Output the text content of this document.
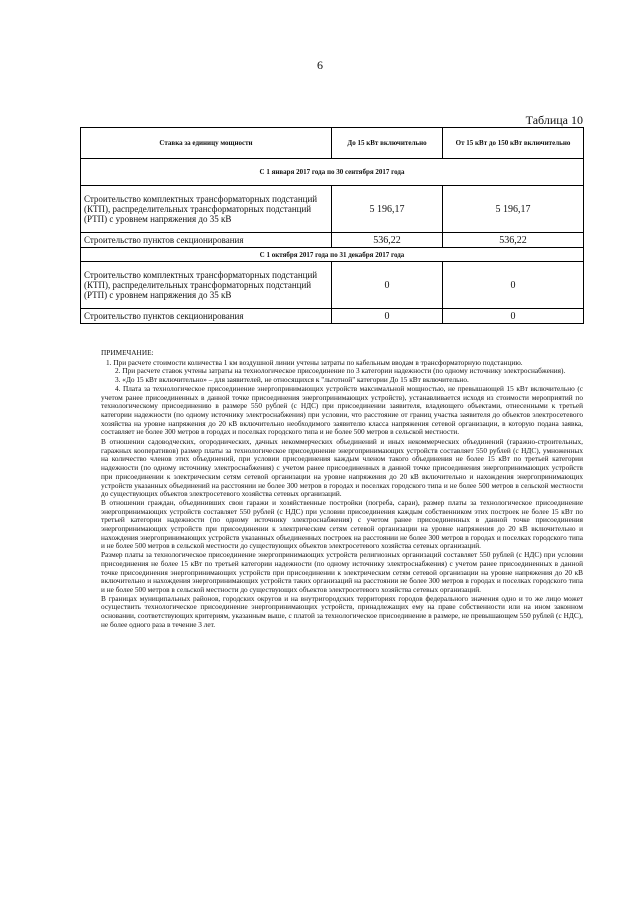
6
Таблица 10
Ставка за единицу мощности	До 15 кВт включительно	От 15 кВт до 150 кВт включительно
С 1 января 2017 года по 30 сентября 2017 года		
Строительство комплектных трансформаторных подстанций (КТП), распределительных трансформаторных подстанций (РТП) с уровнем напряжения до 35 кВ	5 196,17	5 196,17
Строительство пунктов секционирования	536,22	536,22
С 1 октября 2017 года по 31 декабря 2017 года		
Строительство комплектных трансформаторных подстанций (КТП), распределительных трансформаторных подстанций (РТП) с уровнем напряжения до 35 кВ	0	0
Строительство пунктов секционирования	0	0

ПРИМЕЧАНИЕ:

1. При расчете стоимости количества 1 км воздушной линии учтены затраты по кабельным вводам в трансформаторную подстанцию.

2. При расчете ставок учтены затраты на технологическое присоединение по 3 категории надежности (по одному источнику электроснабжения).

3. «До 15 кВт включительно» – для заявителей, не относящихся к "льготной" категории До 15 кВт включительно.

4. Плата за технологическое присоединение энергопринимающих устройств максимальной мощностью, не превышающей 15 кВт включительно (с учетом ранее присоединенных в данной точке присоединения энергопринимающих устройств), устанавливается исходя из стоимости мероприятий по технологическому присоединению в размере 550 рублей (с НДС) при присоединении заявителя, владеющего объектами, отнесенными к третьей категории надежности (по одному источнику электроснабжения) при условии, что расстояние от границ участка заявителя до объектов электросетевого хозяйства на уровне напряжения до 20 кВ включительно необходимого заявителю класса напряжения сетевой организации, в которую подана заявка, составляет не более 300 метров в городах и поселках городского типа и не более 500 метров в сельской местности.

В отношении садоводческих, огороднических, дачных некоммерческих объединений и иных некоммерческих объединений (гаражно-строительных, гаражных кооперативов) размер платы за технологическое присоединение энергопринимающих устройств составляет 550 рублей (с НДС), умноженных на количество членов этих объединений, при условии присоединения каждым членом такого объединения не более 15 кВт по третьей категории надежности (по одному источнику электроснабжения) с учетом ранее присоединенных в данной точке присоединения энергопринимающих устройств при присоединении к электрическим сетям сетевой организации на уровне напряжения до 20 кВ включительно и нахождения энергопринимающих устройств указанных объединений на расстоянии не более 300 метров в городах и поселках городского типа и не более 500 метров в сельской местности до существующих объектов электросетевого хозяйства сетевых организаций.

В отношении граждан, объединивших свои гаражи и хозяйственные постройки (погреба, сараи), размер платы за технологическое присоединение энергопринимающих устройств составляет 550 рублей (с НДС) при условии присоединения каждым собственником этих построек не более 15 кВт по третьей категории надежности (по одному источнику электроснабжения) с учетом ранее присоединенных в данной точке присоединения энергопринимающих устройств при присоединении к электрическим сетям сетевой организации на уровне напряжения до 20 кВ включительно и нахождения энергопринимающих устройств указанных объединенных построек на расстоянии не более 300 метров в городах и поселках городского типа и не более 500 метров в сельской местности до существующих объектов электросетевого хозяйства сетевых организаций.

Размер платы за технологическое присоединение энергопринимающих устройств религиозных организаций составляет 550 рублей (с НДС) при условии присоединения не более 15 кВт по третьей категории надежности (по одному источнику электроснабжения) с учетом ранее присоединенных в данной точке присоединения энергопринимающих устройств при присоединении к электрическим сетям сетевой организации на уровне напряжения до 20 кВ включительно и нахождения энергопринимающих устройств таких организаций на расстоянии не более 300 метров в городах и поселках городского типа и не более 500 метров в сельской местности до существующих объектов электросетевого хозяйства сетевых организаций.

В границах муниципальных районов, городских округов и на внутригородских территориях городов федерального значения одно и то же лицо может осуществить технологическое присоединение энергопринимающих устройств, принадлежащих ему на праве собственности или на ином законном основании, соответствующих критериям, указанным выше, с платой за технологическое присоединение в размере, не превышающем 550 рублей (с НДС), не более одного раза в течение 3 лет.
